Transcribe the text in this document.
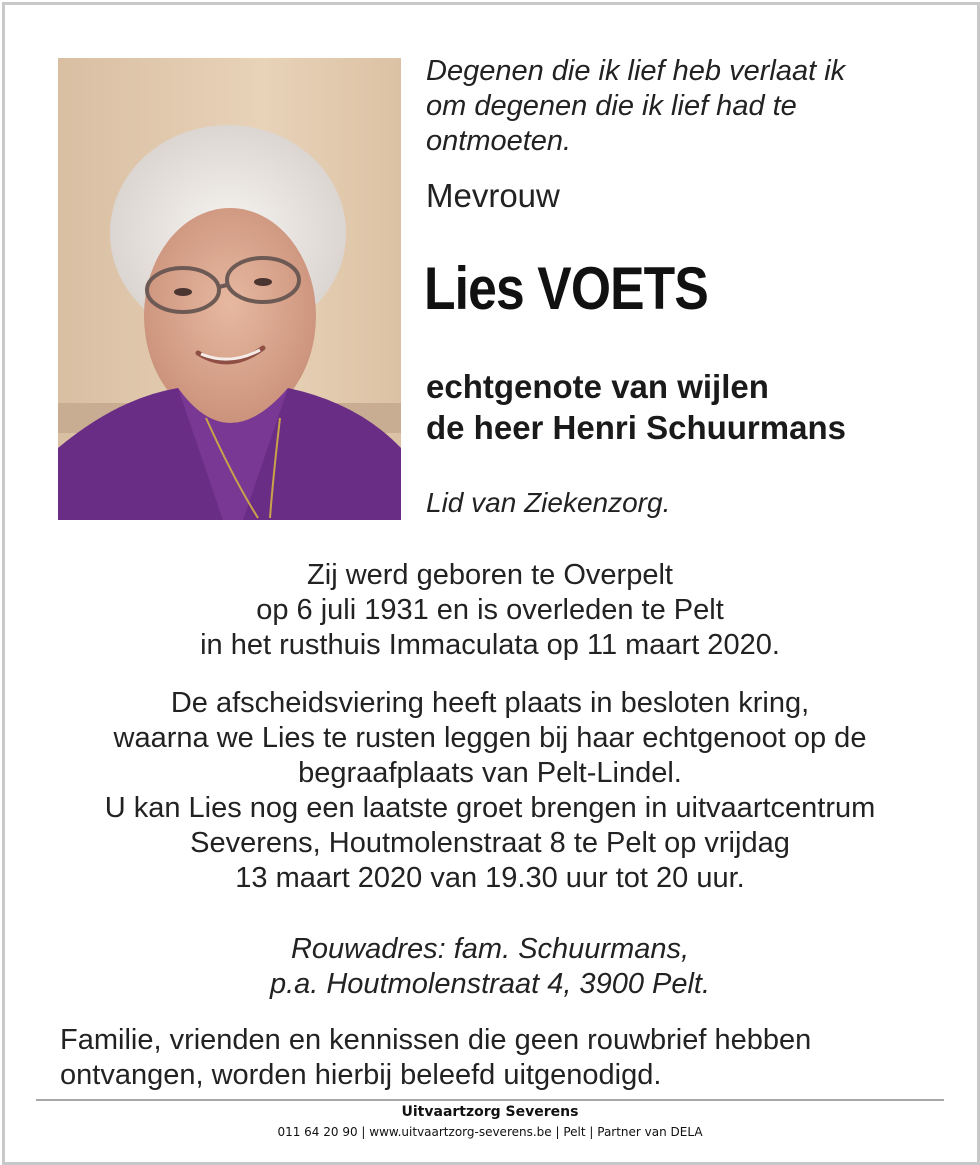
Degenen die ik lief heb verlaat ik
om degenen die ik lief had te
ontmoeten.
Mevrouw
Lies VOETS
echtgenote van wijlen
de heer Henri Schuurmans
Lid van Ziekenzorg.
Zij werd geboren te Overpelt
op 6 juli 1931 en is overleden te Pelt
in het rusthuis Immaculata op 11 maart 2020.
De afscheidsviering heeft plaats in besloten kring,
waarna we Lies te rusten leggen bij haar echtgenoot op de
begraafplaats van Pelt-Lindel.
U kan Lies nog een laatste groet brengen in uitvaartcentrum
Severens, Houtmolenstraat 8 te Pelt op vrijdag
13 maart 2020 van 19.30 uur tot 20 uur.
Rouwadres: fam. Schuurmans,
p.a. Houtmolenstraat 4, 3900 Pelt.
Familie, vrienden en kennissen die geen rouwbrief hebben
ontvangen, worden hierbij beleefd uitgenodigd.
Uitvaartzorg Severens
011 64 20 90 | www.uitvaartzorg-severens.be | Pelt | Partner van DELA
